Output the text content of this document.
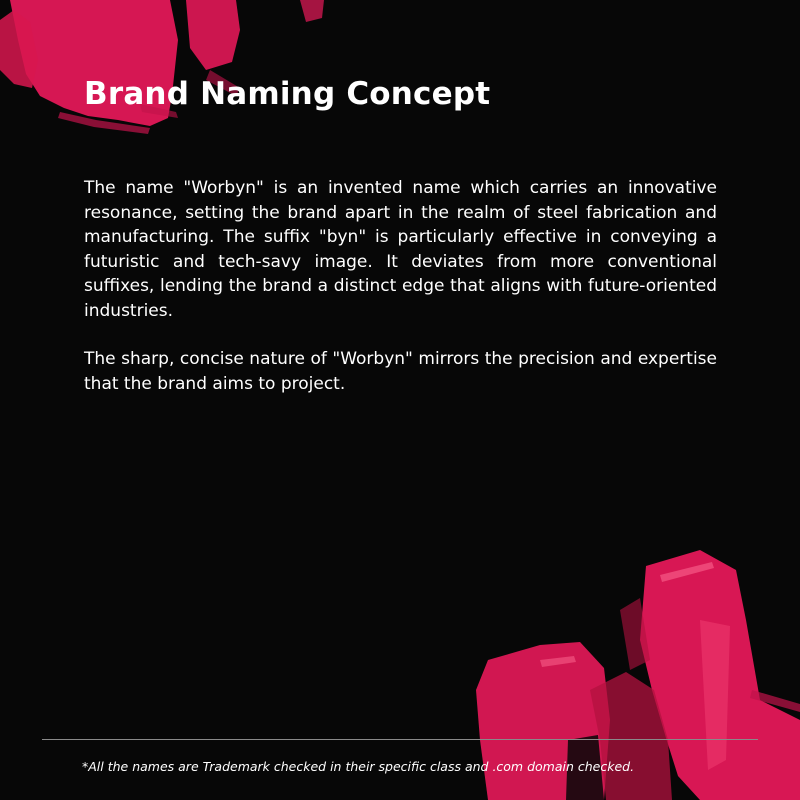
Brand Naming Concept

The name "Worbyn" is an invented name which carries an innovative resonance, setting the brand apart in the realm of steel fabrication and manufacturing. The suffix "byn" is particularly effective in conveying a futuristic and tech-savy image. It deviates from more conventional suffixes, lending the brand a distinct edge that aligns with future-oriented industries.

The sharp, concise nature of "Worbyn" mirrors the precision and expertise that the brand aims to project.

*All the names are Trademark checked in their specific class and .com domain checked.
